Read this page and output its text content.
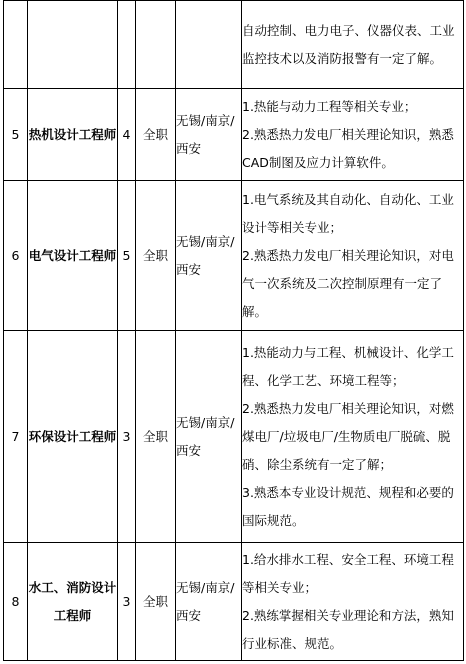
					自动控制、电力电子、仪器仪表、工业监控技术以及消防报警有一定了解。

5	热机设计工程师	4	全职	无锡/南京/西安	1.热能与动力工程等相关专业；
2.熟悉热力发电厂相关理论知识，熟悉CAD制图及应力计算软件。

6	电气设计工程师	5	全职	无锡/南京/西安	1.电气系统及其自动化、自动化、工业设计等相关专业；
2.熟悉热力发电厂相关理论知识，对电气一次系统及二次控制原理有一定了解。

7	环保设计工程师	3	全职	无锡/南京/西安	1.热能动力与工程、机械设计、化学工程、化学工艺、环境工程等；
2.熟悉热力发电厂相关理论知识，对燃煤电厂/垃圾电厂/生物质电厂脱硫、脱硝、除尘系统有一定了解；
3.熟悉本专业设计规范、规程和必要的国际规范。

8	水工、消防设计工程师	3	全职	无锡/南京/西安	1.给水排水工程、安全工程、环境工程等相关专业；
2.熟练掌握相关专业理论和方法，熟知行业标准、规范。
